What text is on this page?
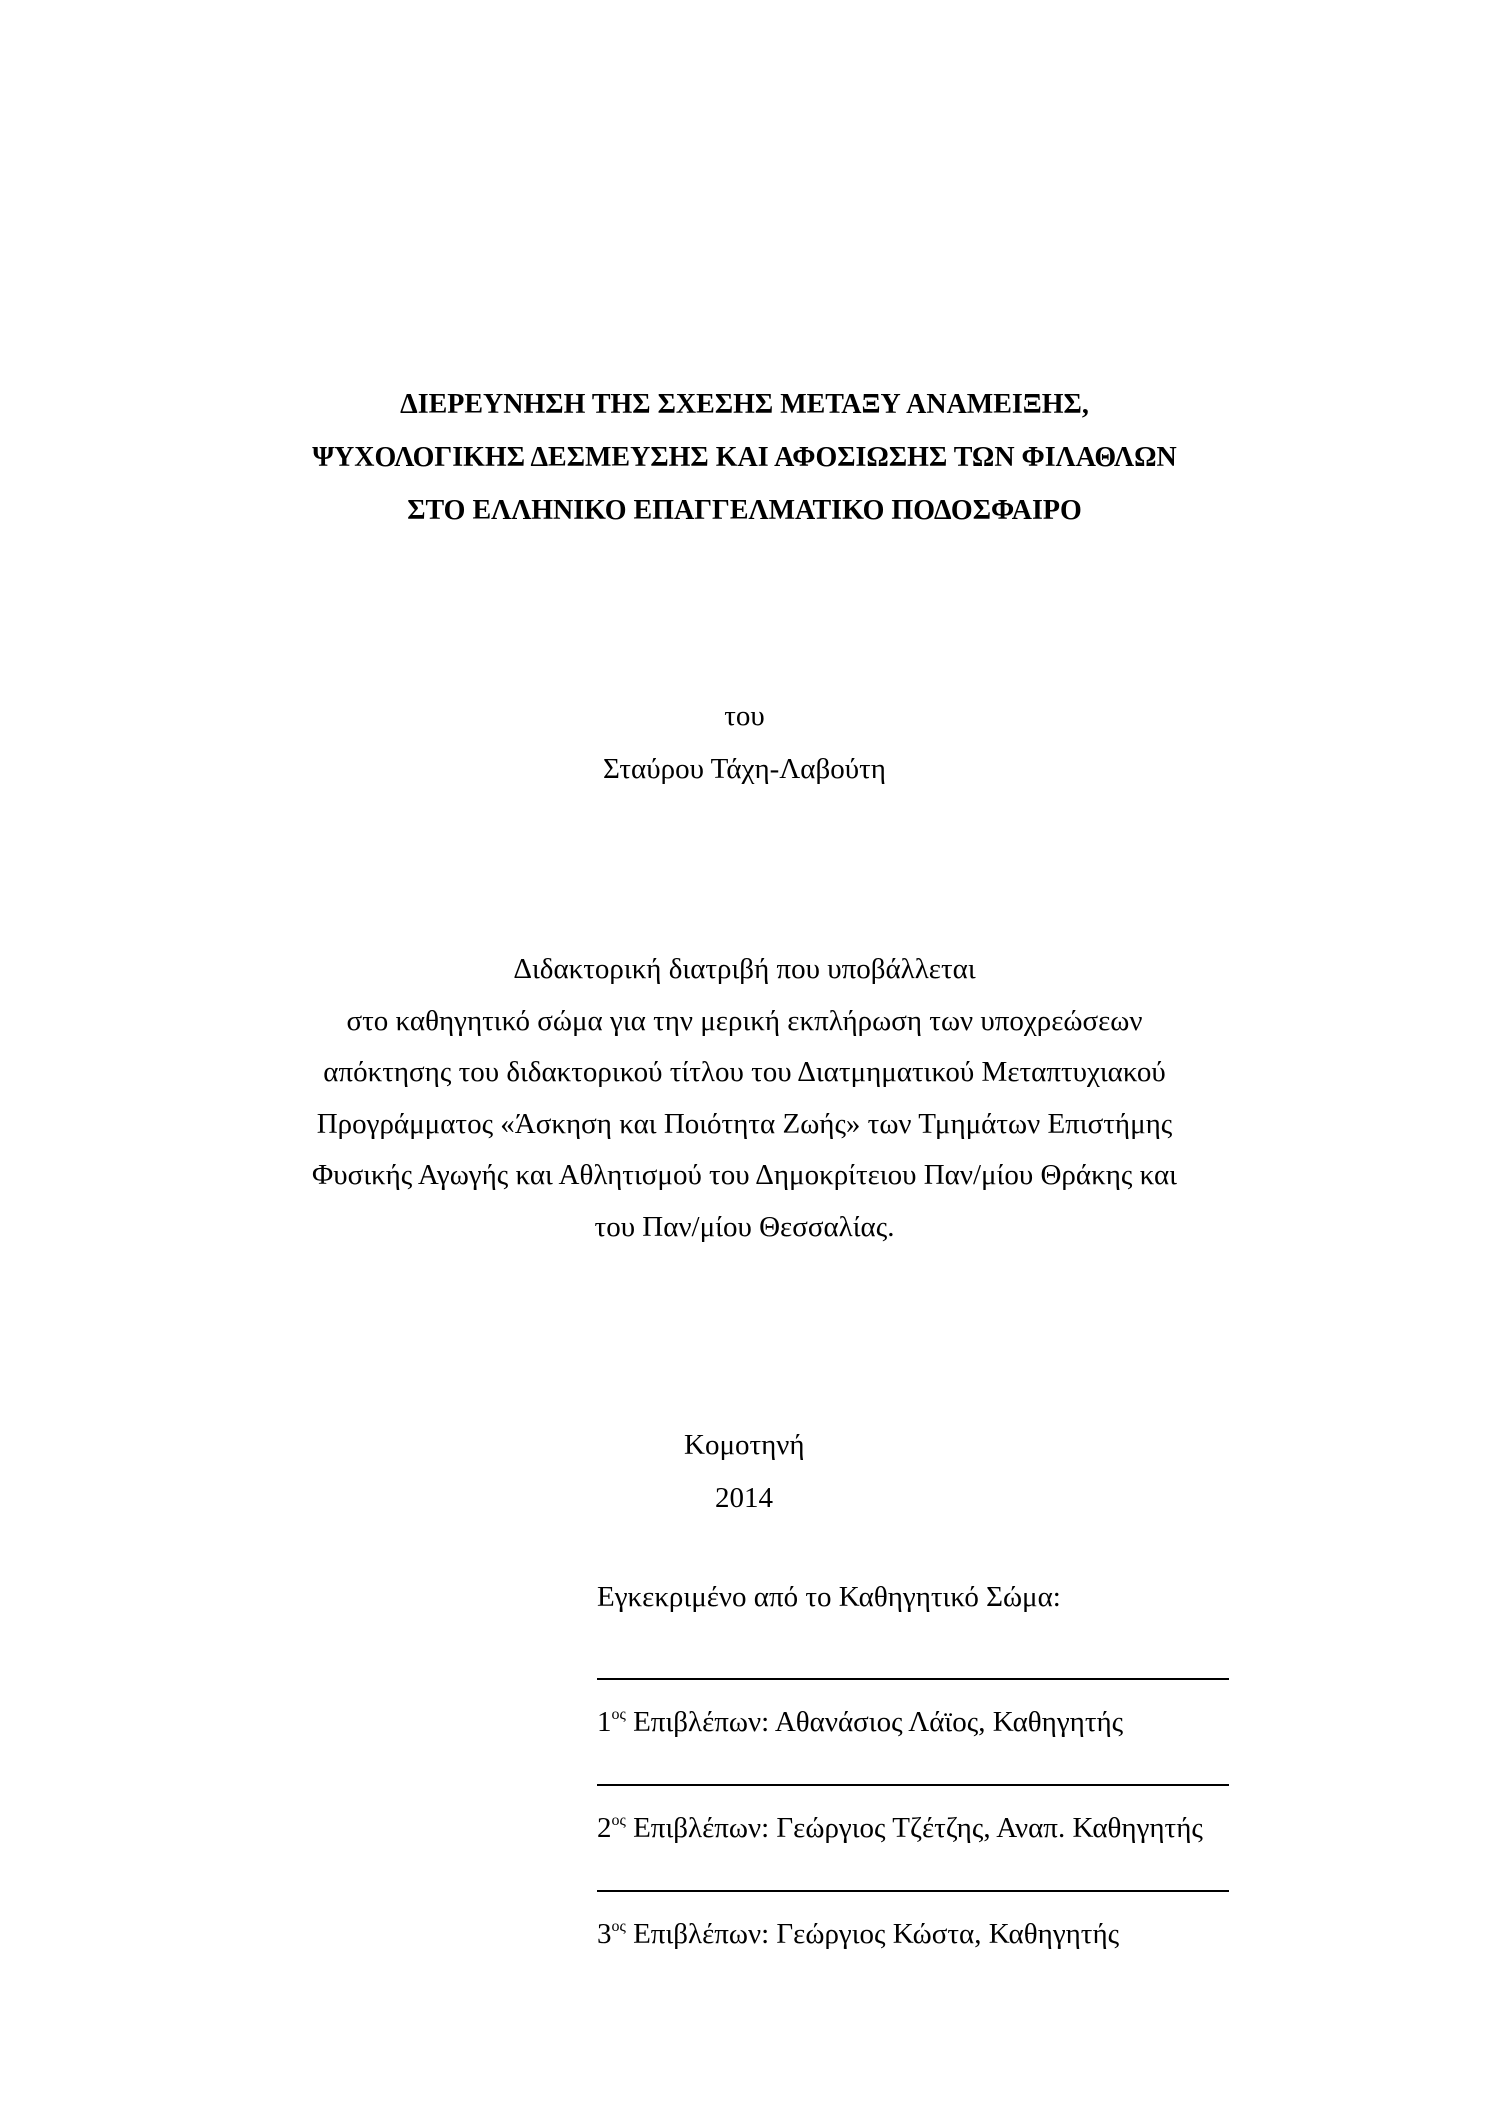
ΔΙΕΡΕΥΝΗΣΗ ΤΗΣ ΣΧΕΣΗΣ ΜΕΤΑΞΥ ΑΝΑΜΕΙΞΗΣ,
ΨΥΧΟΛΟΓΙΚΗΣ ΔΕΣΜΕΥΣΗΣ ΚΑΙ ΑΦΟΣΙΩΣΗΣ ΤΩΝ ΦΙΛΑΘΛΩΝ
ΣΤΟ ΕΛΛΗΝΙΚΟ ΕΠΑΓΓΕΛΜΑΤΙΚΟ ΠΟΔΟΣΦΑΙΡΟ
του
Σταύρου Τάχη-Λαβούτη
Διδακτορική διατριβή που υποβάλλεται
στο καθηγητικό σώμα για την μερική εκπλήρωση των υποχρεώσεων
απόκτησης του διδακτορικού τίτλου του Διατμηματικού Μεταπτυχιακού
Προγράμματος «Άσκηση και Ποιότητα Ζωής» των Τμημάτων Επιστήμης
Φυσικής Αγωγής και Αθλητισμού του Δημοκρίτειου Παν/μίου Θράκης και
του Παν/μίου Θεσσαλίας.
Κομοτηνή
2014
Εγκεκριμένο από το Καθηγητικό Σώμα:
$1^{o\varsigma}$ Επιβλέπων: Αθανάσιος Λάϊος, Καθηγητής
$2^{o\varsigma}$ Επιβλέπων: Γεώργιος Τζέτζης, Αναπ. Καθηγητής
$3^{o\varsigma}$ Επιβλέπων: Γεώργιος Κώστα, Καθηγητής
